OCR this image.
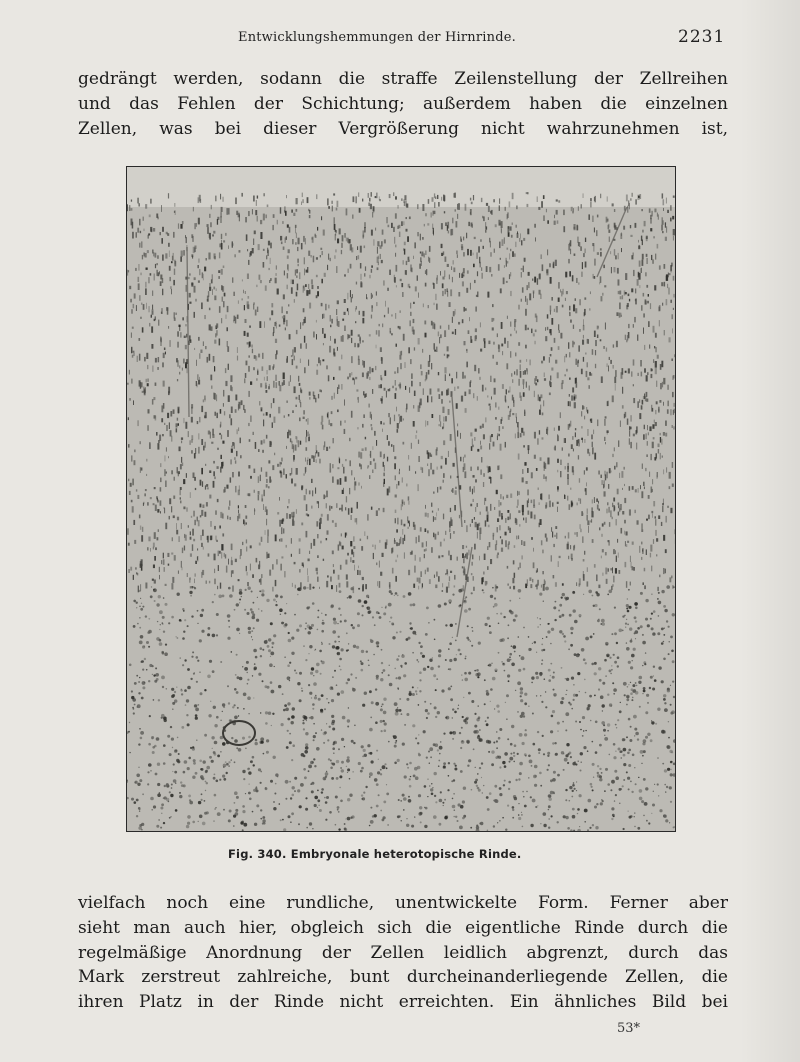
Entwicklungshemmungen der Hirnrinde.	2231
gedrängt werden, sodann die straffe Zeilenstellung der Zellreihen
und das Fehlen der Schichtung; außerdem haben die einzelnen
Zellen, was bei dieser Vergrößerung nicht wahrzunehmen ist,
Fig. 340. Embryonale heterotopische Rinde.
vielfach noch eine rundliche, unentwickelte Form. Ferner aber
sieht man auch hier, obgleich sich die eigentliche Rinde durch die
regelmäßige Anordnung der Zellen leidlich abgrenzt, durch das
Mark zerstreut zahlreiche, bunt durcheinanderliegende Zellen, die
ihren Platz in der Rinde nicht erreichten. Ein ähnliches Bild bei
53*
